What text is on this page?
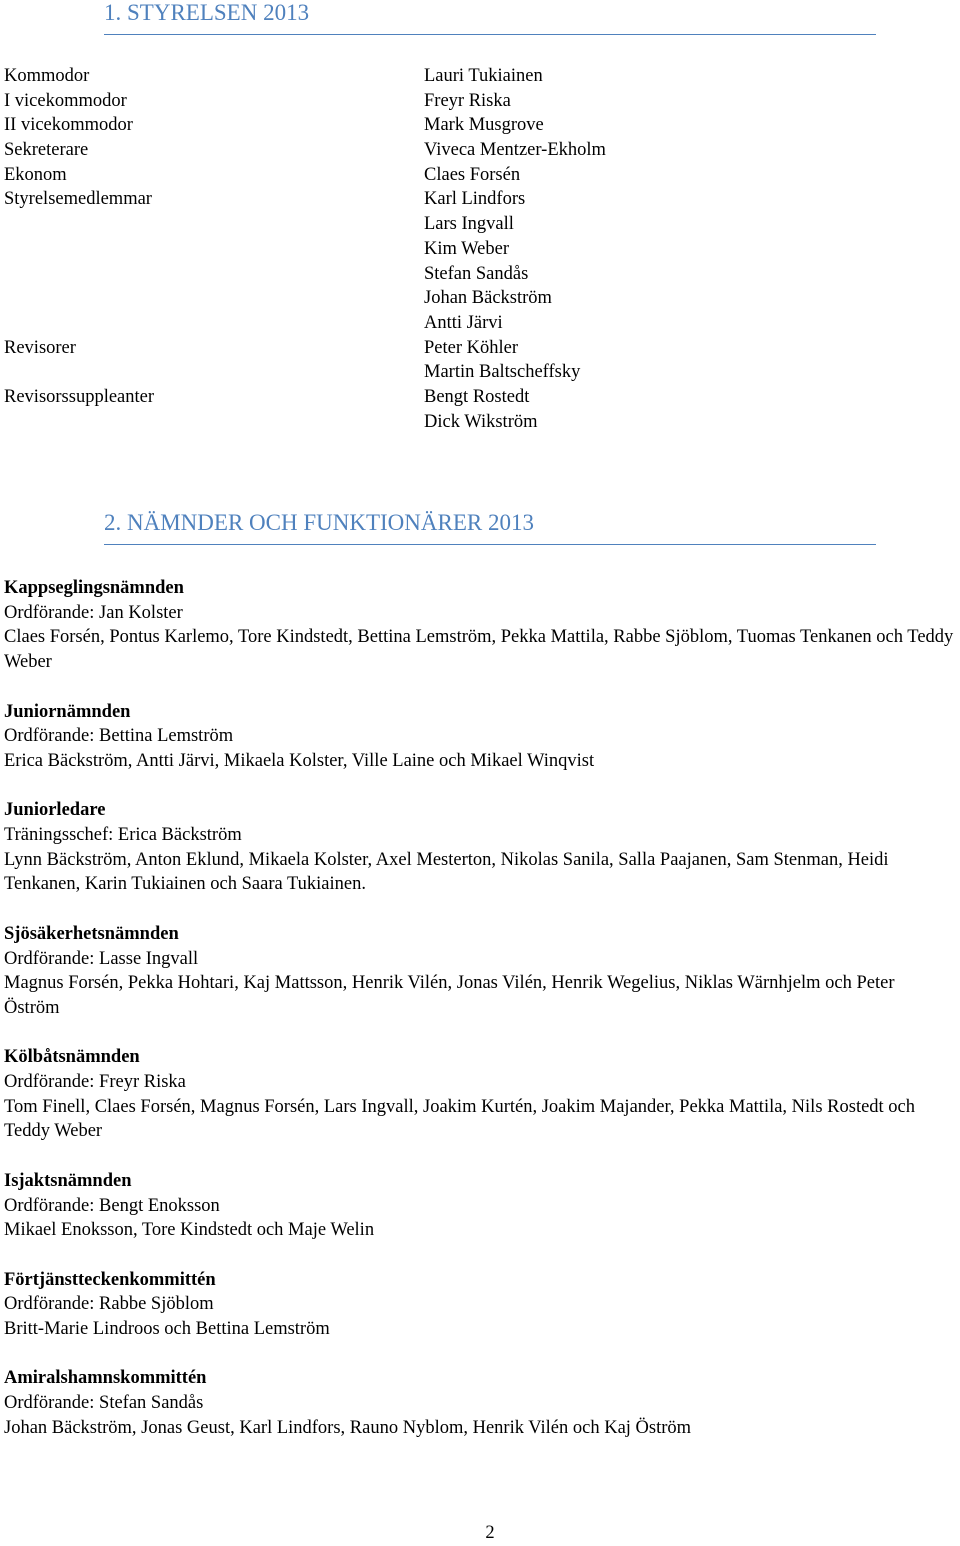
1. STYRELSEN 2013
Kommodor	Lauri Tukiainen
I vicekommodor	Freyr Riska
II vicekommodor	Mark Musgrove
Sekreterare	Viveca Mentzer-Ekholm
Ekonom	Claes Forsén
Styrelsemedlemmar	Karl Lindfors
Lars Ingvall
Kim Weber
Stefan Sandås
Johan Bäckström
Antti Järvi
Revisorer	Peter Köhler
Martin Baltscheffsky
Revisorssuppleanter	Bengt Rostedt
Dick Wikström
2. NÄMNDER OCH FUNKTIONÄRER 2013
Kappseglingsnämnden
Ordförande: Jan Kolster
Claes Forsén, Pontus Karlemo, Tore Kindstedt, Bettina Lemström, Pekka Mattila, Rabbe Sjöblom, Tuomas Tenkanen och Teddy Weber
Juniornämnden
Ordförande: Bettina Lemström
Erica Bäckström, Antti Järvi, Mikaela Kolster, Ville Laine och Mikael Winqvist
Juniorledare
Träningsschef: Erica Bäckström
Lynn Bäckström, Anton Eklund, Mikaela Kolster, Axel Mesterton, Nikolas Sanila, Salla Paajanen, Sam Stenman, Heidi Tenkanen, Karin Tukiainen och Saara Tukiainen.
Sjösäkerhetsnämnden
Ordförande: Lasse Ingvall
Magnus Forsén, Pekka Hohtari, Kaj Mattsson, Henrik Vilén, Jonas Vilén, Henrik Wegelius, Niklas Wärnhjelm och Peter Öström
Kölbåtsnämnden
Ordförande: Freyr Riska
Tom Finell, Claes Forsén, Magnus Forsén, Lars Ingvall, Joakim Kurtén, Joakim Majander, Pekka Mattila, Nils Rostedt och Teddy Weber
Isjaktsnämnden
Ordförande: Bengt Enoksson
Mikael Enoksson, Tore Kindstedt och Maje Welin
Förtjänstteckenkommittén
Ordförande: Rabbe Sjöblom
Britt-Marie Lindroos och Bettina Lemström
Amiralshamnskommittén
Ordförande: Stefan Sandås
Johan Bäckström, Jonas Geust, Karl Lindfors, Rauno Nyblom, Henrik Vilén och Kaj Öström
2
